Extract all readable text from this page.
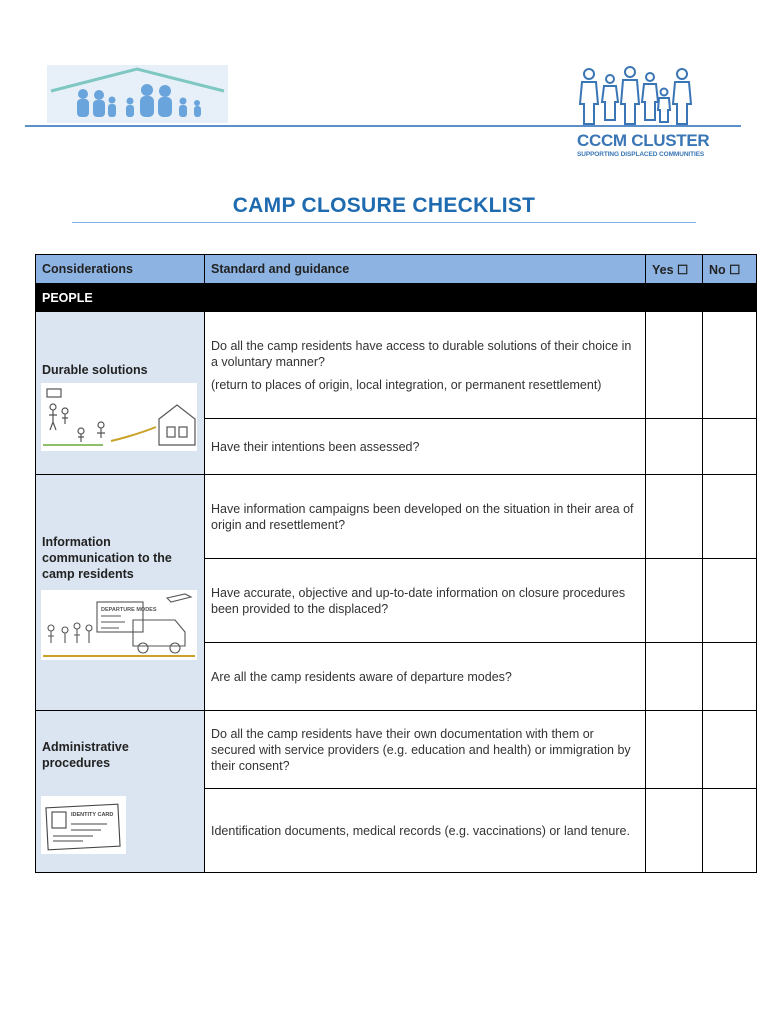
CCCM CLUSTER
SUPPORTING DISPLACED COMMUNITIES
CAMP CLOSURE CHECKLIST
Considerations	Standard and guidance	Yes ☐	No ☐
PEOPLE			

Durable solutions	Do all the camp residents have access to durable solutions of their choice in a voluntary manner?

(return to places of origin, local integration, or permanent resettlement)		

	Have their intentions been assessed?		

Information communication to the camp residents
DEPARTURE MODES	Have information campaigns been developed on the situation in their area of origin and resettlement?		

	Have accurate, objective and up-to-date information on closure procedures been provided to the displaced?		

	Are all the camp residents aware of departure modes?		

Administrative procedures
IDENTITY CARD	Do all the camp residents have their own documentation with them or secured with service providers (e.g. education and health) or immigration by their consent?		

	Identification documents, medical records (e.g. vaccinations) or land tenure.		
